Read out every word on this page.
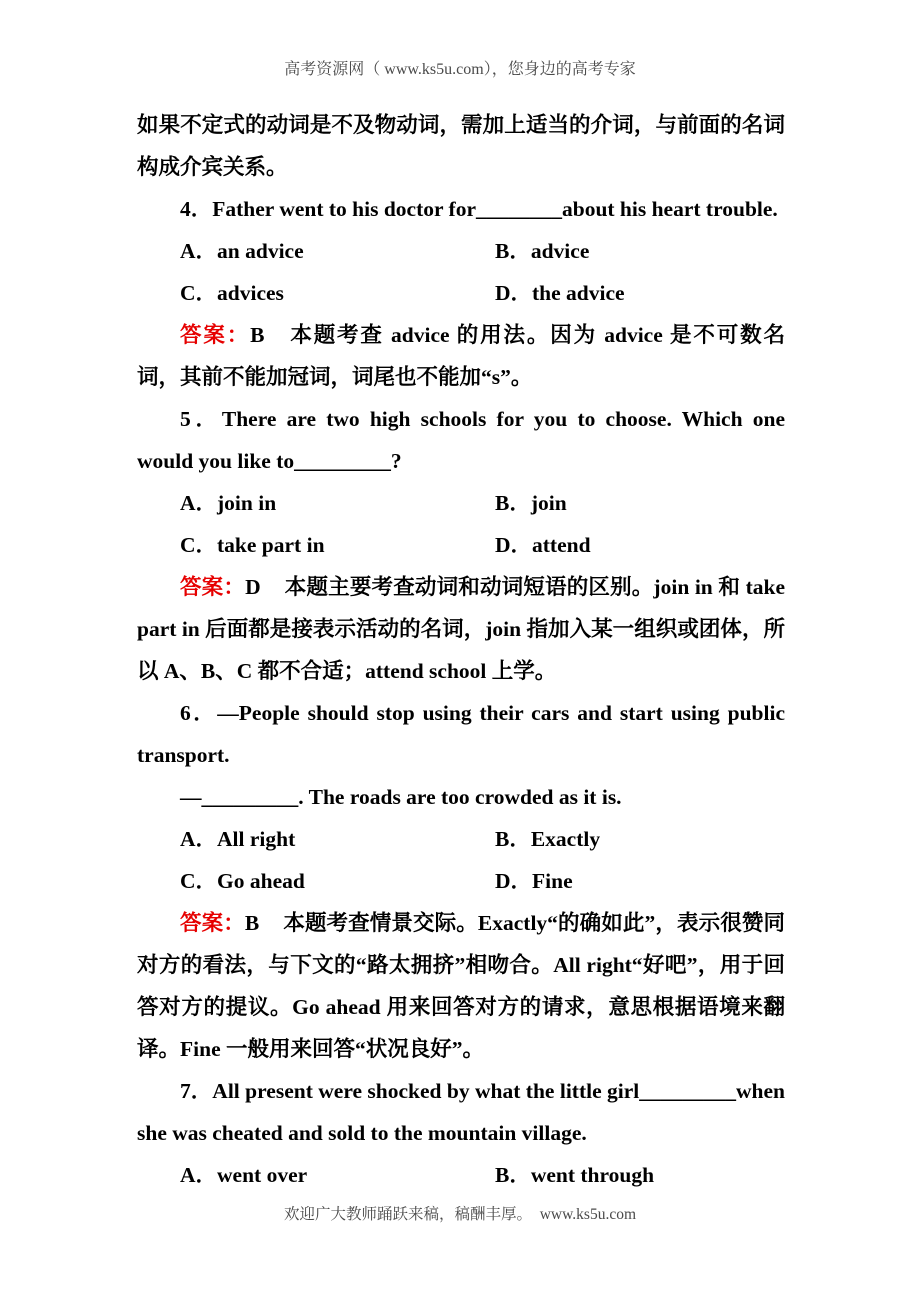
高考资源网（ www.ks5u.com），您身边的高考专家

如果不定式的动词是不及物动词，需加上适当的介词，与前面的名词构成介宾关系。

4．Father went to his doctor for________about his heart trouble.

A．an advice	B．advice
C．advices	D．the advice

答案：B 本题考查 advice 的用法。因为 advice 是不可数名词，其前不能加冠词，词尾也不能加“s”。

5．There are two high schools for you to choose. Which one would you like to_________?

A．join in	B．join
C．take part in	D．attend

答案：D 本题主要考查动词和动词短语的区别。join in 和 take part in 后面都是接表示活动的名词，join 指加入某一组织或团体，所以 A、B、C 都不合适；attend school 上学。

6．—People should stop using their cars and start using public transport.

—_________. The roads are too crowded as it is.

A．All right	B．Exactly
C．Go ahead	D．Fine

答案：B 本题考查情景交际。Exactly“的确如此”，表示很赞同对方的看法，与下文的“路太拥挤”相吻合。All right“好吧”，用于回答对方的提议。Go ahead 用来回答对方的请求，意思根据语境来翻译。Fine 一般用来回答“状况良好”。

7．All present were shocked by what the little girl_________when she was cheated and sold to the mountain village.

A．went over	B．went through
欢迎广大教师踊跃来稿，稿酬丰厚。　www.ks5u.com
